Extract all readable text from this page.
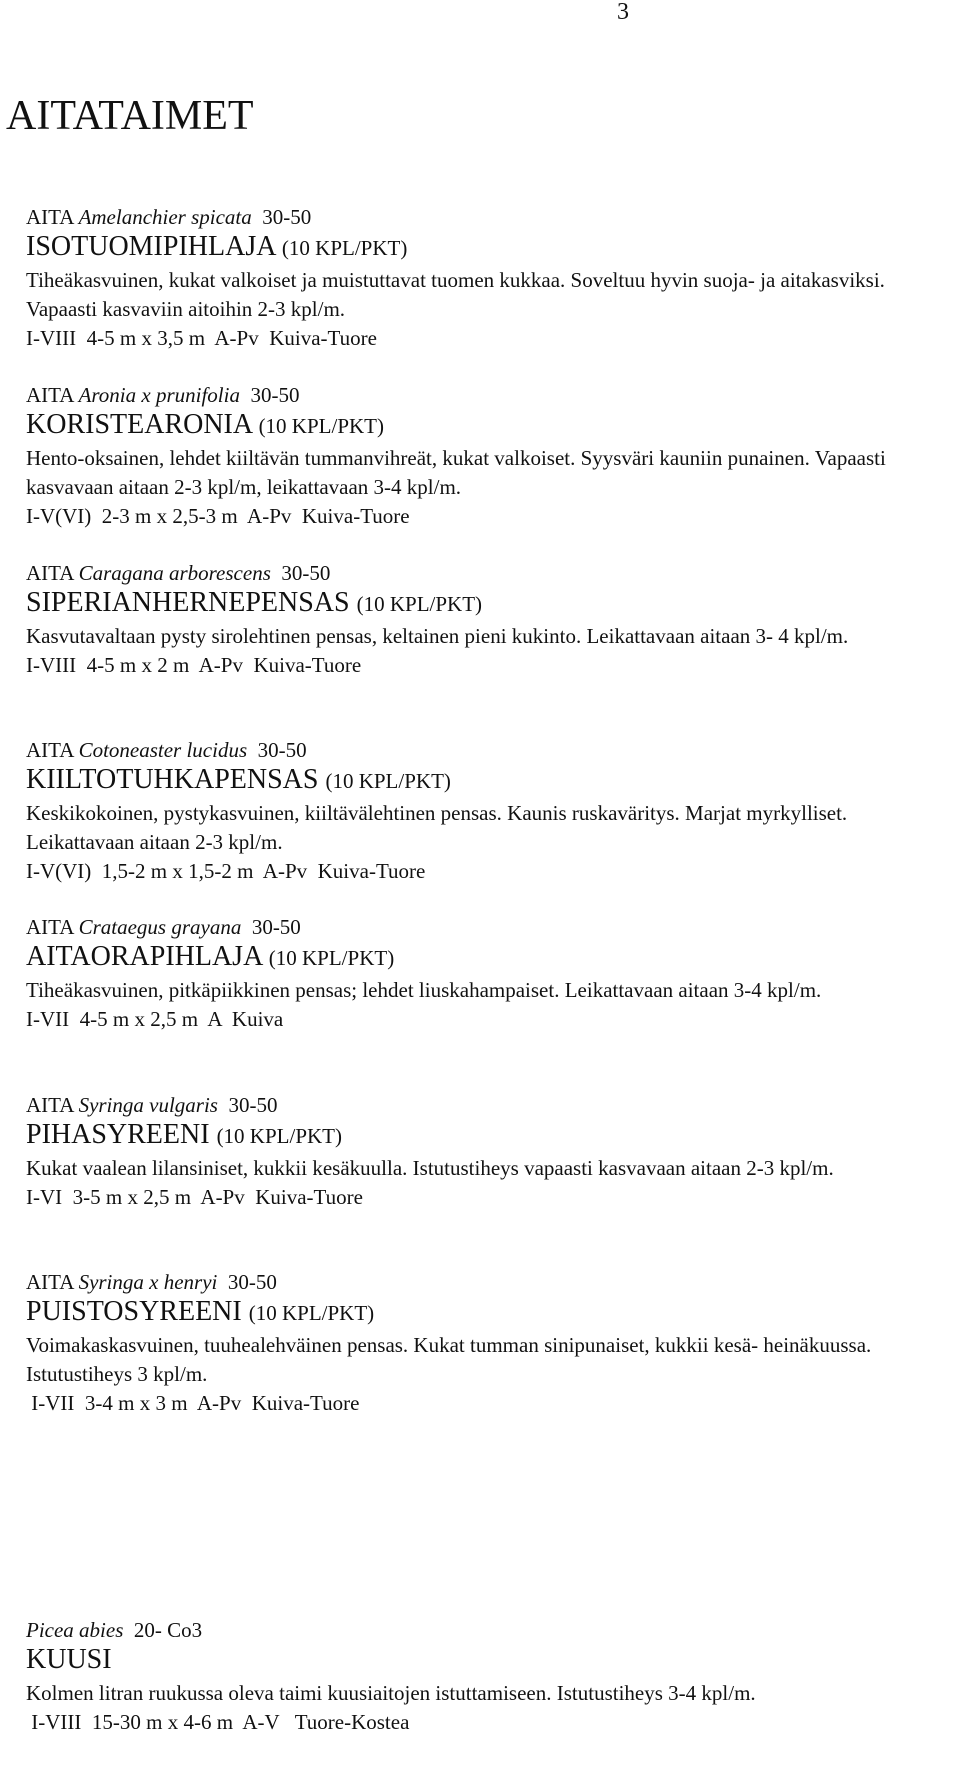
3
AITATAIMET
AITA Amelanchier spicata 30-50
ISOTUOMIPIHLAJA (10 KPL/PKT)
Tiheäkasvuinen, kukat valkoiset ja muistuttavat tuomen kukkaa. Soveltuu hyvin suoja- ja aitakasviksi. Vapaasti kasvaviin aitoihin 2-3 kpl/m.
I-VIII  4-5 m x 3,5 m  A-Pv  Kuiva-Tuore
AITA Aronia x prunifolia 30-50
KORISTEARONIA (10 KPL/PKT)
Hento-oksainen, lehdet kiiltävän tummanvihreät, kukat valkoiset. Syysväri kauniin punainen. Vapaasti kasvavaan aitaan 2-3 kpl/m, leikattavaan 3-4 kpl/m.
I-V(VI)  2-3 m x 2,5-3 m  A-Pv  Kuiva-Tuore
AITA Caragana arborescens 30-50
SIPERIANHERNEPENSAS (10 KPL/PKT)
Kasvutavaltaan pysty sirolehtinen pensas, keltainen pieni kukinto. Leikattavaan aitaan 3- 4 kpl/m.
I-VIII  4-5 m x 2 m  A-Pv  Kuiva-Tuore
AITA Cotoneaster lucidus 30-50
KIILTOTUHKAPENSAS (10 KPL/PKT)
Keskikokoinen, pystykasvuinen, kiiltävälehtinen pensas. Kaunis ruskaväritys. Marjat myrkylliset. Leikattavaan aitaan 2-3 kpl/m.
I-V(VI)  1,5-2 m x 1,5-2 m  A-Pv  Kuiva-Tuore
AITA Crataegus grayana 30-50
AITAORAPIHLAJA (10 KPL/PKT)
Tiheäkasvuinen, pitkäpiikkinen pensas; lehdet liuskahampaiset. Leikattavaan aitaan 3-4 kpl/m.
I-VII  4-5 m x 2,5 m  A  Kuiva
AITA Syringa vulgaris 30-50
PIHASYREENI (10 KPL/PKT)
Kukat vaalean lilansiniset, kukkii kesäkuulla. Istutustiheys vapaasti kasvavaan aitaan 2-3 kpl/m.
I-VI  3-5 m x 2,5 m  A-Pv  Kuiva-Tuore
AITA Syringa x henryi 30-50
PUISTOSYREENI (10 KPL/PKT)
Voimakaskasvuinen, tuuhealehväinen pensas. Kukat tumman sinipunaiset, kukkii kesä- heinäkuussa. Istutustiheys 3 kpl/m.
I-VII  3-4 m x 3 m  A-Pv  Kuiva-Tuore
Picea abies 20- Co3
KUUSI
Kolmen litran ruukussa oleva taimi kuusiaitojen istuttamiseen. Istutustiheys 3-4 kpl/m.
I-VIII  15-30 m x 4-6 m  A-V   Tuore-Kostea
